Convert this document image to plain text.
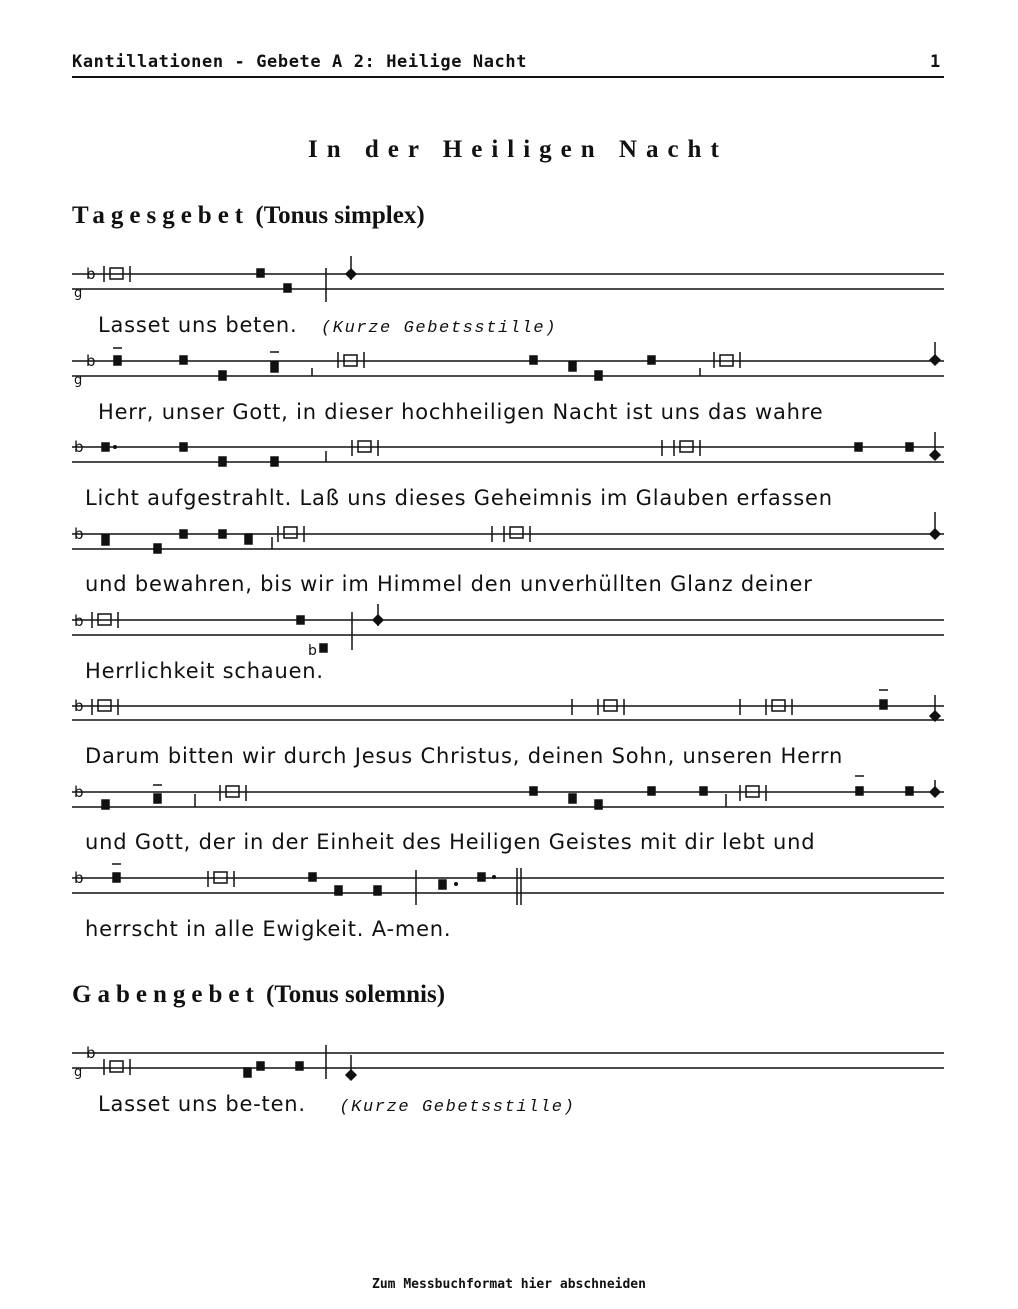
Kantillationen - Gebete A 2: Heilige Nacht	1
In der Heiligen Nacht
Tagesgebet (Tonus simplex)
b
g
b
g
b
b
b
b
b
b
b
b
g
Lasset uns beten. (Kurze Gebetsstille)
Herr, unser Gott, in dieser hochheiligen Nacht ist uns das wahre
Licht aufgestrahlt. Laß uns dieses Geheimnis im Glauben erfassen
und bewahren, bis wir im Himmel den unverhüllten Glanz deiner
Herrlichkeit schauen.
Darum bitten wir durch Jesus Christus, deinen Sohn, unseren Herrn
und Gott, der in der Einheit des Heiligen Geistes mit dir lebt und
herrscht in alle Ewigkeit. A-men.
Gabengebet (Tonus solemnis)
Lasset uns be-ten. (Kurze Gebetsstille)
Zum Messbuchformat hier abschneiden
